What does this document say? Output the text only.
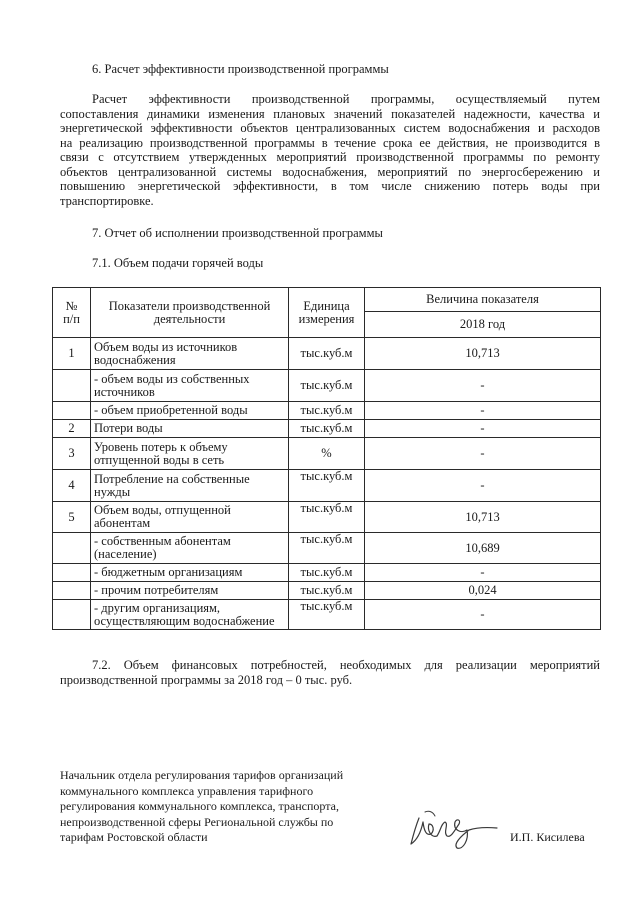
6. Расчет эффективности производственной программы
Расчет эффективности производственной программы, осуществляемый путем
сопоставления динамики изменения плановых значений показателей надежности, качества и
энергетической эффективности объектов централизованных систем водоснабжения и расходов
на реализацию производственной программы в течение срока ее действия, не производится в
связи с отсутствием утвержденных мероприятий производственной программы по ремонту
объектов централизованной системы водоснабжения, мероприятий по энергосбережению и
повышению энергетической эффективности, в том числе снижению потерь воды при
транспортировке.
7. Отчет об исполнении производственной программы
7.1. Объем подачи горячей воды
№ п/п	Показатели производственной деятельности	Единица измерения	Величина показателя
			2018 год
1	Объем воды из источников водоснабжения	тыс.куб.м	10,713
	- объем воды из собственных источников	тыс.куб.м	-
	- объем приобретенной воды	тыс.куб.м	-
2	Потери воды	тыс.куб.м	-
3	Уровень потерь к объему отпущенной воды в сеть	%	-
4	Потребление на собственные нужды	тыс.куб.м	-
5	Объем воды, отпущенной абонентам	тыс.куб.м	10,713
	- собственным абонентам (население)	тыс.куб.м	10,689
	- бюджетным организациям	тыс.куб.м	-
	- прочим потребителям	тыс.куб.м	0,024
	- другим организациям, осуществляющим водоснабжение	тыс.куб.м	-
7.2. Объем финансовых потребностей, необходимых для реализации мероприятий
производственной программы за 2018 год – 0 тыс. руб.
Начальник отдела регулирования тарифов организаций
коммунального комплекса управления тарифного
регулирования коммунального комплекса, транспорта,
непроизводственной сферы Региональной службы по
тарифам Ростовской области	И.П. Кисилева
